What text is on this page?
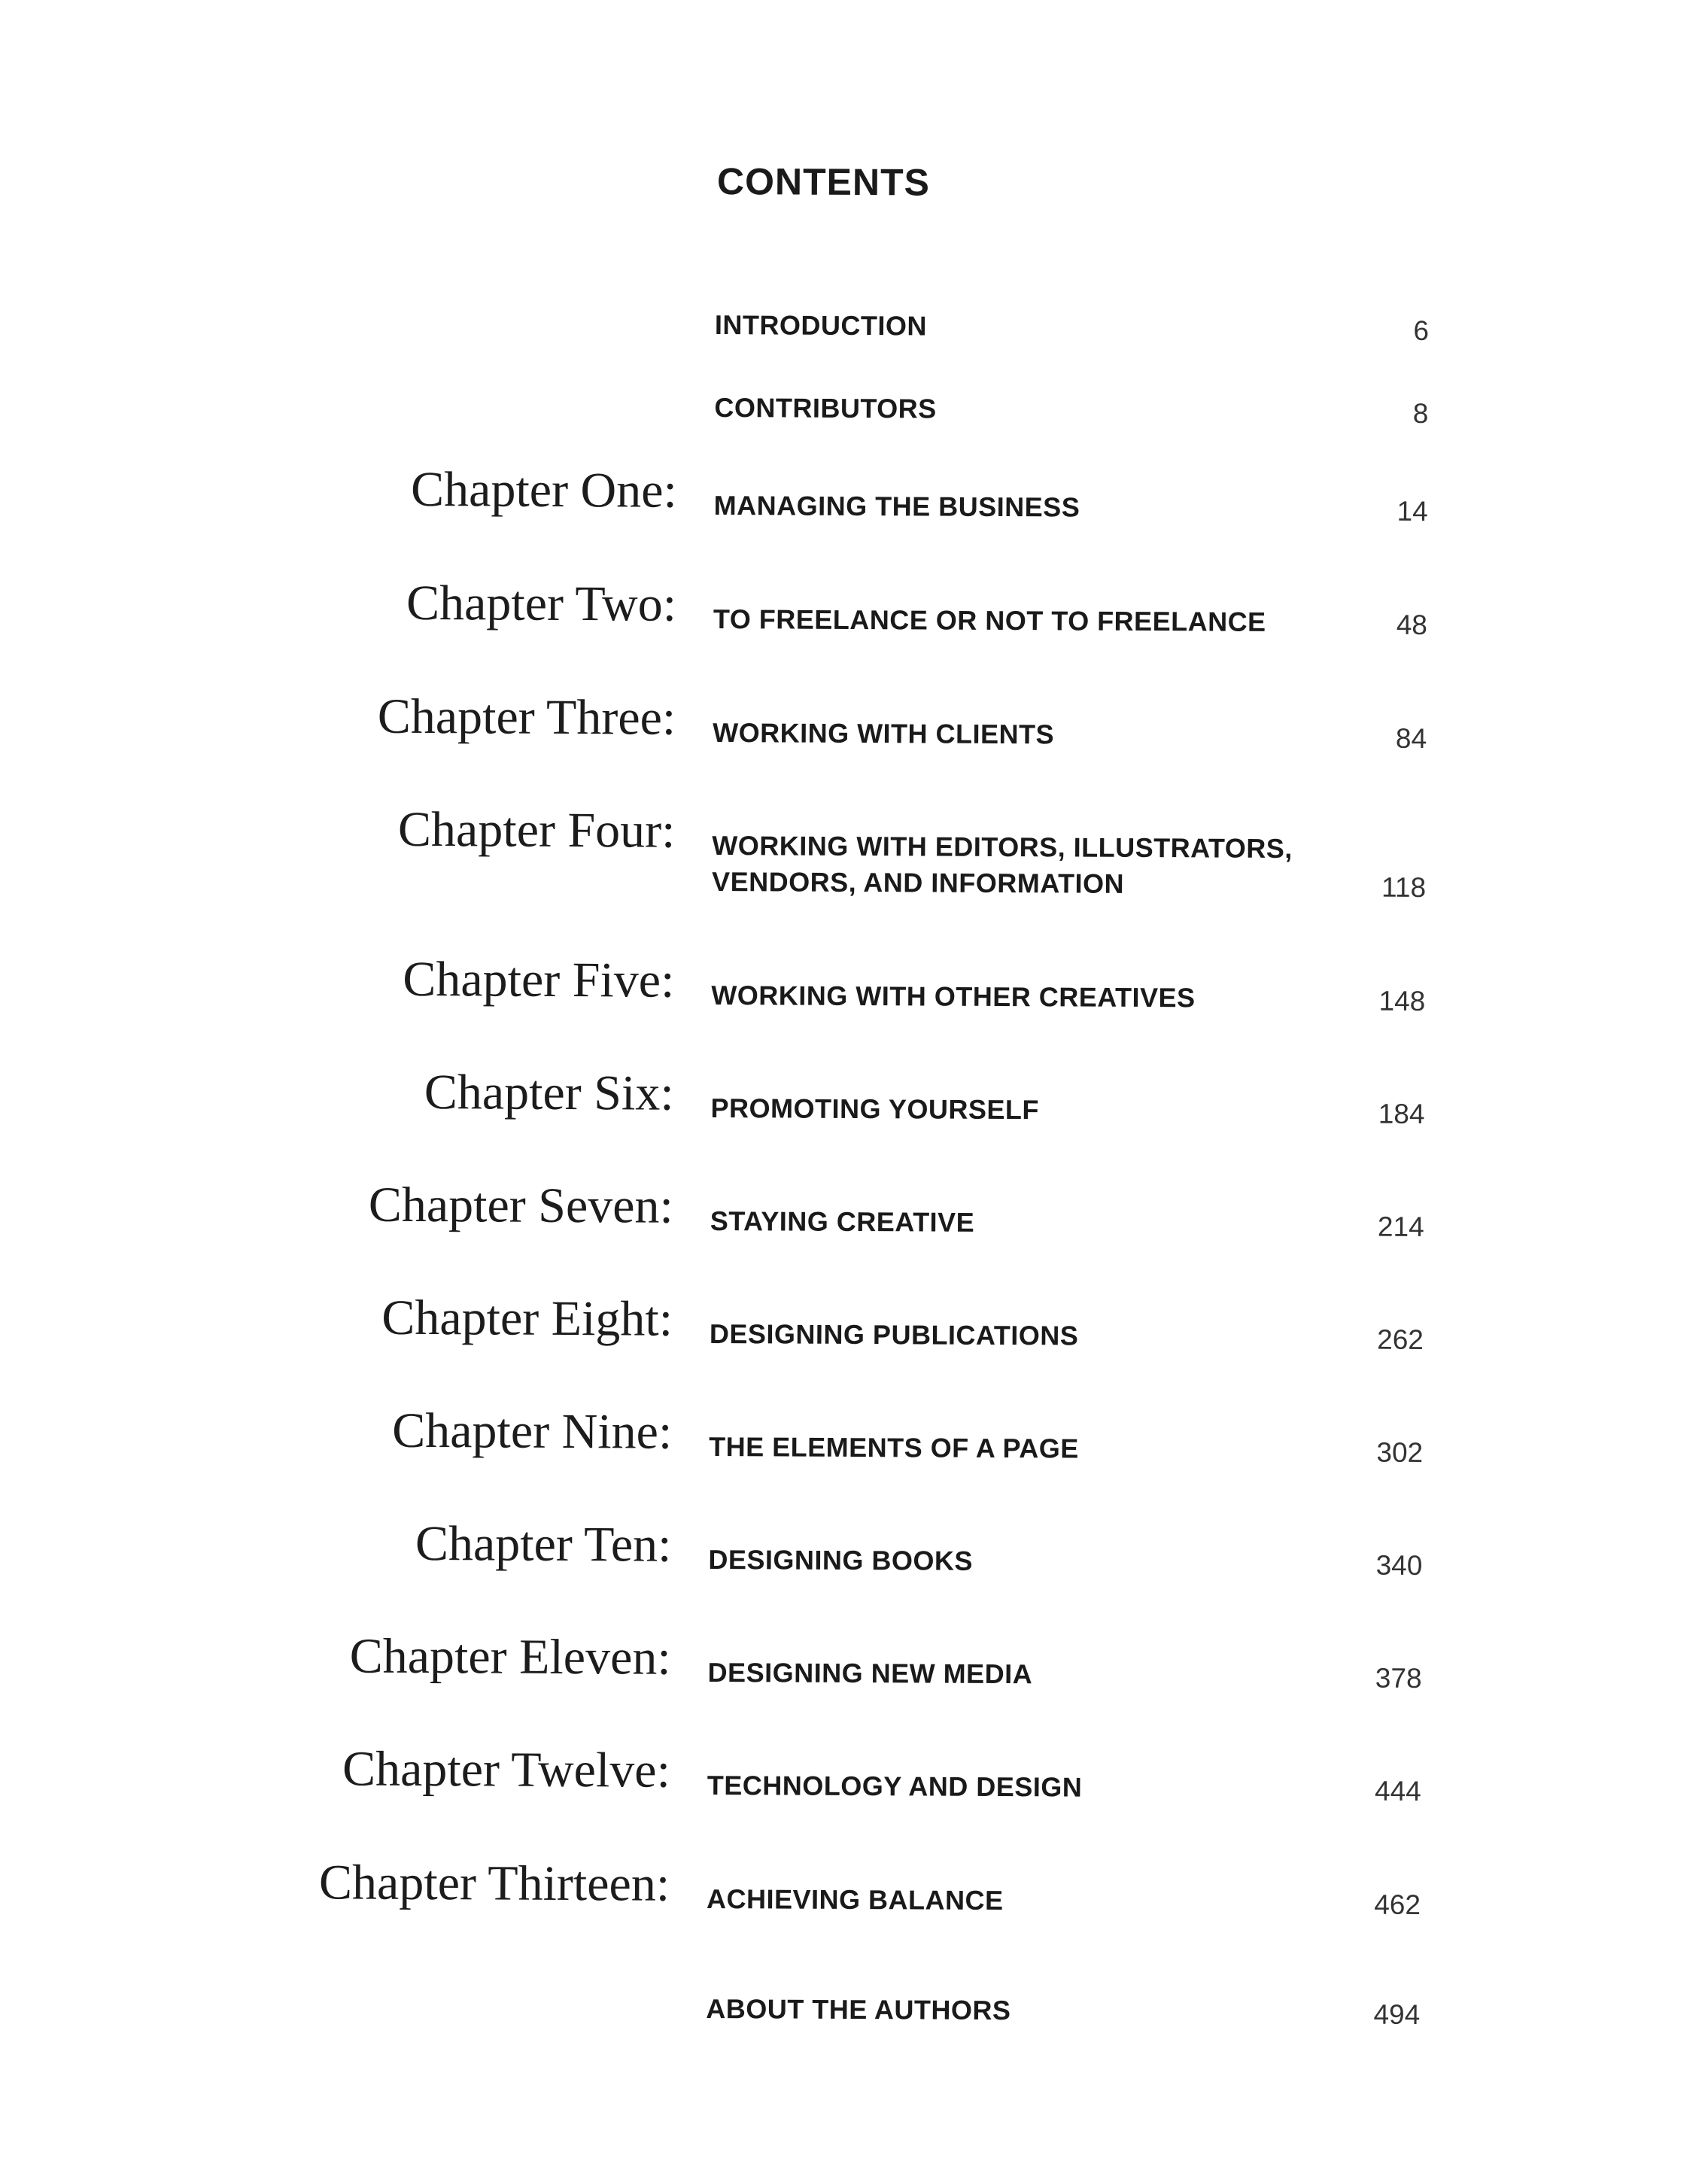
CONTENTS
INTRODUCTION	6
CONTRIBUTORS	8
Chapter One: MANAGING THE BUSINESS	14
Chapter Two: TO FREELANCE OR NOT TO FREELANCE	48
Chapter Three: WORKING WITH CLIENTS	84
Chapter Four: WORKING WITH EDITORS, ILLUSTRATORS,
VENDORS, AND INFORMATION	118
Chapter Five: WORKING WITH OTHER CREATIVES	148
Chapter Six: PROMOTING YOURSELF	184
Chapter Seven: STAYING CREATIVE	214
Chapter Eight: DESIGNING PUBLICATIONS	262
Chapter Nine: THE ELEMENTS OF A PAGE	302
Chapter Ten: DESIGNING BOOKS	340
Chapter Eleven: DESIGNING NEW MEDIA	378
Chapter Twelve: TECHNOLOGY AND DESIGN	444
Chapter Thirteen: ACHIEVING BALANCE	462
ABOUT THE AUTHORS	494
